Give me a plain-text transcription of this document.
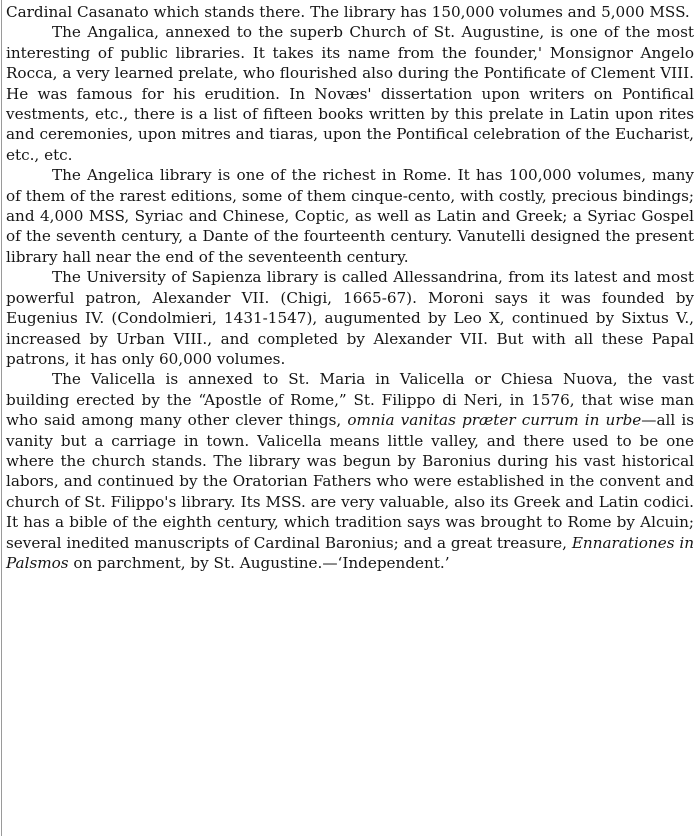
Cardinal Casanato which stands there. The library has 150,000 volumes and 5,000 MSS.

The Angalica, annexed to the superb Church of St. Augustine, is one of the most interesting of public libraries. It takes its name from the founder,' Monsignor Angelo Rocca, a very learned prelate, who flourished also during the Pontificate of Clement VIII. He was famous for his erudition. In Novæs' dissertation upon writers on Pontifical vestments, etc., there is a list of fifteen books written by this prelate in Latin upon rites and ceremonies, upon mitres and tiaras, upon the Pontifical celebration of the Eucharist, etc., etc.

The Angelica library is one of the richest in Rome. It has 100,000 volumes, many of them of the rarest editions, some of them cinque-cento, with costly, precious bindings; and 4,000 MSS, Syriac and Chinese, Coptic, as well as Latin and Greek; a Syriac Gospel of the seventh century, a Dante of the fourteenth century. Vanutelli designed the present library hall near the end of the seventeenth century.

The University of Sapienza library is called Allessandrina, from its latest and most powerful patron, Alexander VII. (Chigi, 1665-67). Moroni says it was founded by Eugenius IV. (Condolmieri, 1431-1547), augumented by Leo X, continued by Sixtus V., increased by Urban VIII., and completed by Alexander VII. But with all these Papal patrons, it has only 60,000 volumes.

The Valicella is annexed to St. Maria in Valicella or Chiesa Nuova, the vast building erected by the “Apostle of Rome,” St. Filippo di Neri, in 1576, that wise man who said among many other clever things, omnia vanitas præter currum in urbe—all is vanity but a carriage in town. Valicella means little valley, and there used to be one where the church stands. The library was begun by Baronius during his vast historical labors, and continued by the Oratorian Fathers who were established in the convent and church of St. Filippo's library. Its MSS. are very valuable, also its Greek and Latin codici. It has a bible of the eighth century, which tradition says was brought to Rome by Alcuin; several inedited manuscripts of Cardinal Baronius; and a great treasure, Ennarationes in Palsmos on parchment, by St. Augustine.—‘Independent.’
